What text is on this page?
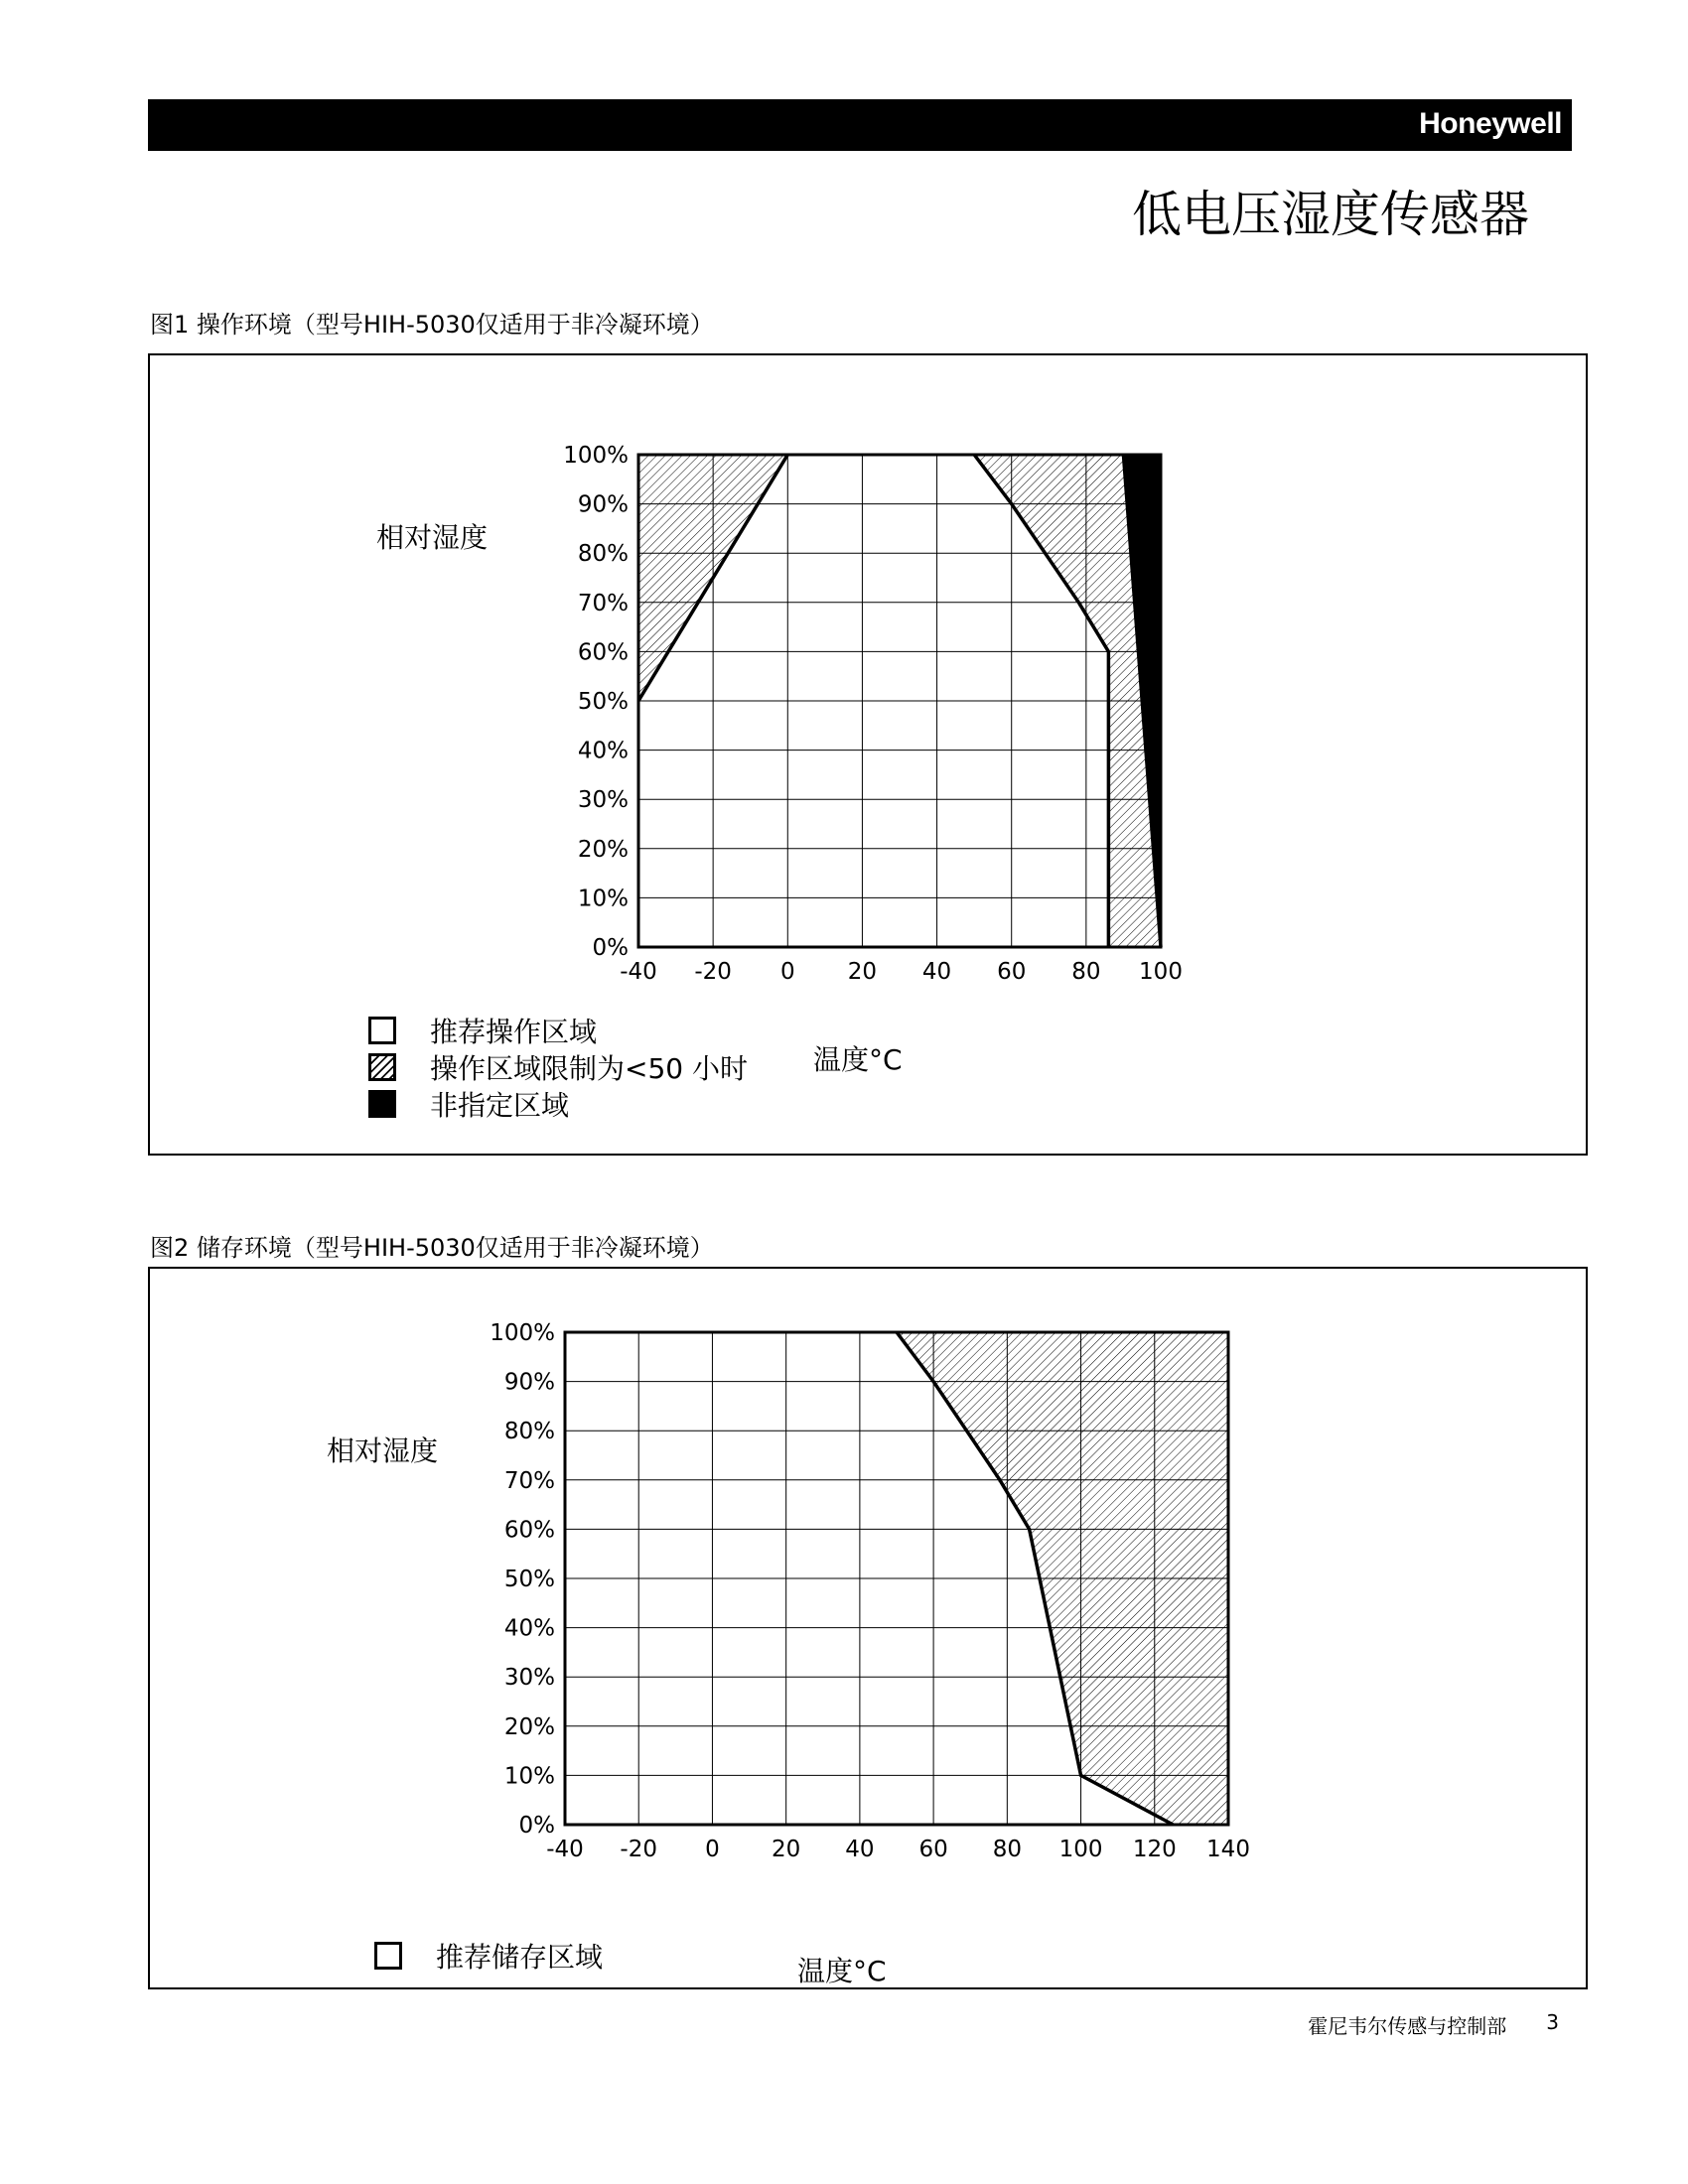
Honeywell
低电压湿度传感器
图1 操作环境（型号HIH-5030仅适用于非冷凝环境）
-40 -20 0 20 40 60 80 100
0%
10%
20%
30%
40%
50%
60%
70%
80%
90%
100%
相对湿度
温度°C
推荐操作区域
操作区域限制为<50 小时
非指定区域
图2 储存环境（型号HIH-5030仅适用于非冷凝环境）
-40 -20 0 20 40 60 80 100 120 140
0%
10%
20%
30%
40%
50%
60%
70%
80%
90%
100%
相对湿度
温度°C
推荐储存区域
霍尼韦尔传感与控制部 3
